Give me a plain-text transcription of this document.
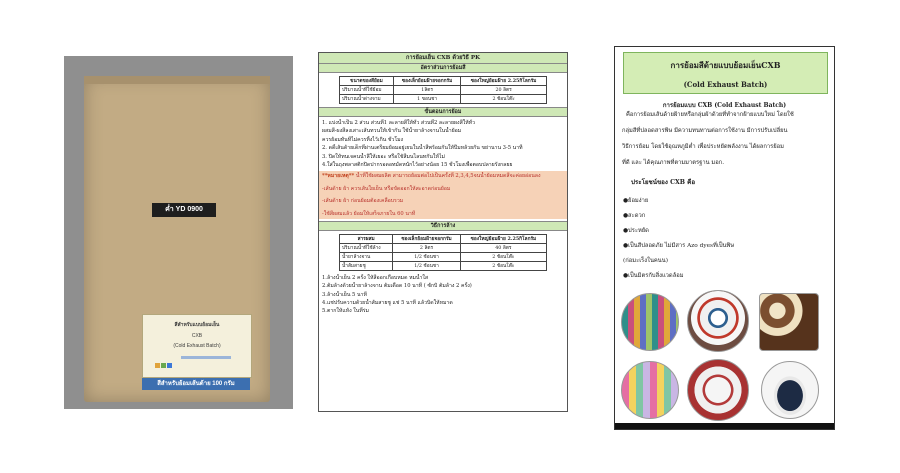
ค่ำ YD 0900
สีสำหรับแบบย้อมเย็น
CXB
(Cold Exhaust Batch)
สีสำหรับย้อมเส้นด้าย 100 กรัม
การย้อมเย็น CXB ด้วยวิธี PK
อัตราส่วนการย้อมสี
ขนาดของสีย้อม	ซองเล็กย้อมฝ้ายจอกกรัม	ซองใหญ่ย้อมฝ้าย 2.25กิโลกรัม
ปริมาณน้ำที่ใช้ย้อม	1ลิตร	20 ลิตร
ปริมาณน้ำด่างจาม	1 ขอนชา	2 ช้อนโต๊ะ
ขั้นตอนการย้อม
1. แบ่งน้ำเป็น 2 ส่วน ส่วนที่1 ละลายสีให้ทั่ว ส่วนที่2 ละลายผงสีให้ทั่ว
ผสมสี-ผงสีลงเสาะเส้นทวนให้เข้ากัน ใช้น้ำยาล้างจานในน้ำย้อม
ควรย้อมทันทีไม่ควรทิ้งไว้เกิน ชั่วโมง
2. ดดิ้เส้นด้ายเด็กที่ผ่านเตรียมย้อมอยู่เยนในน้ำสีพร้อมกันให้ปีมหล้วยกัน ขย่านาน 3-5 นาที
3. ปิดให้ทนเจคนน้ำลึให้เยอะ หรือใช้สีมนไลนทกันให้ไม่
4.ใส่ในถุงพลาสติกปิดปากรอดอทมัดหนักไว้อย่างน้อย 15 ชั่วโมงเพื่อตอบปลายรังกลยย
**หมายเหตุ** น้ำที่ใช้ผสมผลิต สามารถย้อมต่อไปเป็นครั้งที่ 2,3,4,5จนน้ำย้อมหมดสีจะค่อยอ่อนลง
-เส้นด้าย ผ้า ควรเส้นใยเย็น หรือขัดออกให้สะอาดก่อนย้อม
-เส้นด้าย ผ้า ก่อนย้อมต้องเคลือบรวม
-ใช้สีผสมแล้ว ย้อมให้เสร็จภายใน 60 นาที
วิธีการล้าง
สารผสม	ซองเล็กย้อมฝ้ายจอกกรัม	ซองใหญ่ย้อมฝ้าย 2.25กิโลกรัม
ปริมาณน้ำที่ใช้ล้าง	2 ลิตร	40 ลิตร
น้ำยาล้างจาน	1/2 ช้อนชา	2 ช้อนโต๊ะ
น้ำส้มสายชู	1/2 ช้อนชา	2 ช้อนโต๊ะ
1.ล้างน้ำเย็น 2 ครั้ง ให้สีออกเกือบหมด หมน้ำใส
2.ต้มล้างด้วยน้ำยาล้างจาน ต้มเดือด 10 นาที ( ซักบิ ต้มล้าง 2 ครั้ง)
3.ล้างน้ำเย็น 5 นาที
4.แช่ปรับความด้วยน้ำส้มสายชู แช่ 5 นาที แล้วบิดให้หมาด
5.ตากให้แห้ง ในที่ร่ม
การย้อมสีด้ายแบบย้อมเย็นCXB
(Cold Exhaust Batch)
การย้อมแบบ CXB (Cold Exhaust Batch)
คือการย้อมเส้นด้ายฝ้ายหรือกลุ่มผ้าด้วยที่ทำจากฝ้ายแบบใหม่ โดยใช้
กลุ่มสีที่ปลอดสารพิษ มีความทนทานต่อการใช้งาน มีการปรับเปลี่ยน
วิธีการย้อม โดยใช้อุณหภูมิต่ำ เพื่อประหยัดพลังงาน ได้ผลการย้อม
ที่ดี และ ได้คุณภาพที่ตามมาตรฐาน มอก.
ประโยชน์ของ CXB คือ
●ย้อมง่าย
●สะดวก
●ประหยัด
●เป็นสีปลอดภัย ไม่มีสาร Azo dyesที่เป็นพิษ
(ก่อมะเร็งในคนน)
●เป็นมิตรกับสิ่งแวดล้อม
